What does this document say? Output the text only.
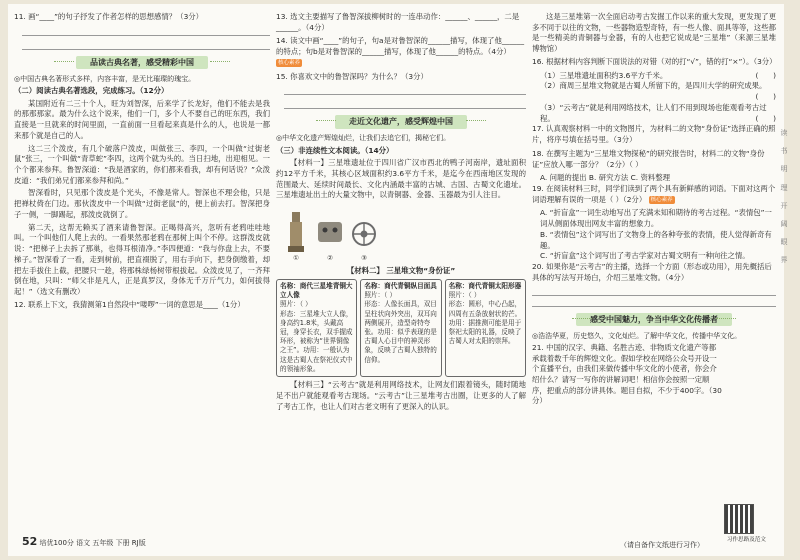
11. 画“____”的句子抒发了作者怎样的思想感情？（3分）
品读古典名著，感受精彩中国
◎中国古典名著形式多样，内容丰富，是无比璀璨的瑰宝。
（二）阅读古典名著选段，完成练习。（12分）
某国附近有二三十个人，旺为刘智深，后来学了长龙好，他们不能去是我的那那那家。最为什么这个说来，他们一门，多个人不要自己的旺东西，我们直接是一旦就来的时间里面，一直前面一旦看起来真是什么的人，也说是一都来那个就是自己的人。
这二三个泼皮，有几个破落户泼皮，叫做张三、李四，一个叫做“过街老鼠”张三，一个叫做“青草蛇”李四，这两个就为头的。当日扫地，出迎相见。一个个都来参拜。鲁智深道：“我是酒家的，你们都来看我，却有何话说？”众泼皮道：“我们弟兄们都来参拜和尚。”
智深看时，只见那个泼皮是个光头，不像是常人。智深也不理会他，只是把禅杖倚在门边。那伙泼皮中一个叫做“过街老鼠”的，便上前去打。智深把身子一侧，一脚踢起，那泼皮就倒了。
第二天，这帮无赖买了酒来请鲁智深。正喝得高兴，忽听有老鸦哇哇地叫。一个叫他们人爬上去的。一看果然那老鸦在那树上叫个不停。这群泼皮就说：“把梯子上去拆了那巢，也得耳根清净。”李四便道：“我与你盘上去，不要梯子。”智深看了一看，走到树前，把直裰脱了，用右手向下，把身倒缴着，却把左手拔住上截，把腰只一趁，将那株绿杨树带根拔起。众泼皮见了，一齐拜倒在地，只叫：“师父非是凡人，正是真罗汉，身体无千万斤气力，如何拔得起！”（选文有删改）
12. 联系上下文，我猜测第1自然段中“喽啰”一词的意思是____（1分）
13. 选文主要描写了鲁智深拔柳树时的一连串动作：______、______，二是______。（4分）
14. 读文中画“____”的句子，句a是对鲁智深的______描写，体现了他______的特点；句b是对鲁智深的______描写，体现了他______的特点。（4分） 核心素养
15. 你喜欢文中的鲁智深吗？为什么？（3分）
走近文化遗产，感受辉煌中国
◎中华文化遗产辉煌灿烂，让我们去追它们，揭秘它们。
（三）非连续性文本阅读。（14分）
【材料一】三星堆遗址位于四川省广汉市西北的鸭子河南岸，遗址面积约12平方千米，其核心区域面积约3.6平方千米，是迄今在西南地区发现的范围最大、延续时间最长、文化内涵最丰富的古城、古国、古蜀文化遗址。三星堆遗址出土的大量文物中，以青铜器、金器、玉器最为引人注目。
①	②	③
【材料二】 三星堆文物“身份证”
名称：商代三星堆青铜大立人像
照片：（ ）
形态：三星堆大立人像，身高约1.8米，头戴高冠，身穿长衣，双手握成环形，被称为“世界铜像之王”。功用：一般认为这是古蜀人在祭祀仪式中的领袖形象。
名称：商代青铜纵目面具
照片：（ ）
形态：人像长面具，双目呈柱状向外突出，双耳向两侧展开，造型奇特夸张。功用：似乎表现的是古蜀人心目中的神灵形象，反映了古蜀人独特的信仰。
名称：商代青铜太阳形器
照片：（ ）
形态：圆形，中心凸起，四周有五条放射状的芒。功用：据推测可能是用于祭祀太阳的礼器，反映了古蜀人对太阳的崇拜。
【材料三】“云考古”就是利用网络技术，让网友们跟着镜头，随时随地足不出户就能观看考古现场。“云考古”让三星堆考古出圈，让更多的人了解了考古工作，也让人们对古老文明有了更深入的认识。
这是三星堆第一次全面启动考古发掘工作以来的重大发现，更发现了更多不同于以往的文物，一些器物造型奇特，有一些人像、面具等等，这些都是一些精美的青铜器与金器，有的人也把它说成是“三星堆”（来源三星堆博物馆）
16. 根据材料内容判断下面说法的对错（对的打“√”，错的打“×”）。（3分）
（1）三星堆遗址面积约3.6平方千米。	(　　)
（2）商周三星堆文物就是古蜀人所留下的，是四川大学的研究成果。
(　　)
（3）“云考古”就是利用网络技术，让人们不用到现场也能观看考古过程。	(　　)
17. 认真观察材料一中的文物图片，为材料二的文物“身份证”选择正确的照片，将序号填在括号里。（3分）
18. 在撰写主题为“三星堆文物探秘”的研究报告时，材料二的文物“身份证”应放入哪一部分？（2分）（ ）
A. 问题的提出 B. 研究方法 C. 资料整理
19. 在阅读材料三时，同学们读到了两个具有新鲜感的词语。下面对这两个词语理解有误的一项是（ ）（2分） 核心素养
A. “折盲盒”一词生动地写出了充满未知和期待的考古过程。“表情包”一词从侧面体现出网友丰富的想象力。
B. “表情包”这个词写出了文物身上的各种夸张的表情，使人觉得新奇有趣。
C. “折盲盒”这个词写出了考古学家对古蜀文明有一种向往之情。
20. 如果你是“云考古”的主播，选择一个方面（形态或功用），用先概括后具体的写法写开场白，介绍三星堆文物。（4分）
感受中国魅力，争当中华文化传播者
◎浩浩华夏，历史悠久，文化灿烂。了解中华文化，传播中华文化。
21. 中国的汉字、典籍、名胜古迹、非物质文化遗产等都承载着数千年的辉煌文化。假如学校在网络公众号开设一个直播平台，由我们来做传播中华文化的小使者，你会介绍什么？请写一写你的讲解词吧！相信你会按照一定顺序，把重点的部分讲具体。题目自拟，不少于400字。（30分）
习作思路及范文
（请自备作文纸进行习作）
52 培优100分 语文 五年级 下册 RJ版
读
书
明
理
开
阔
眼
界
